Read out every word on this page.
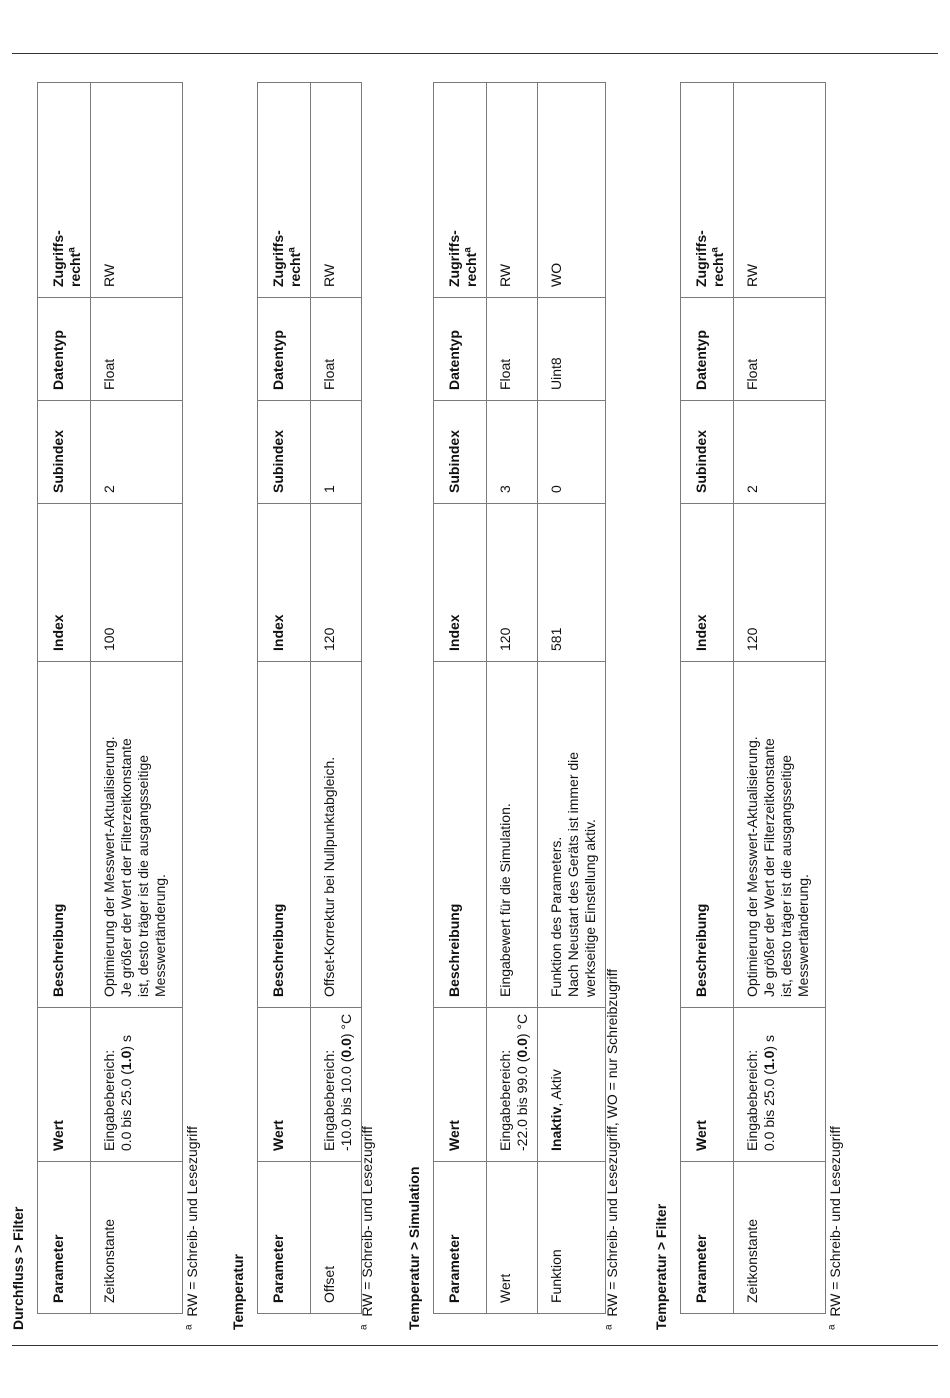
Durchfluss > Filter Parameter	Wert	Beschreibung	Index	Subindex	Datentyp	Zugriffs- recht$^a$

Zeitkonstante	Eingabebereich: 0.0 bis 25.0 (1.0) s	Optimierung der Messwert-Aktualisierung. Je größer der Wert der Filterzeitkonstante ist, desto träger ist die ausgangsseitige Messwertänderung.	100	2	Float	RW
$^a$  RW = Schreib- und Lesezugriff Temperatur Parameter	Wert	Beschreibung	Index	Subindex	Datentyp	Zugriffs- recht$^a$

Offset	Eingabebereich: -10.0 bis 10.0 (0.0) °C	Offset-Korrektur bei Nullpunktabgleich.	120	1	Float	RW
$^a$  RW = Schreib- und Lesezugriff Temperatur > Simulation Parameter	Wert	Beschreibung	Index	Subindex	Datentyp	Zugriffs- recht$^a$

Wert	Eingabebereich: -22.0 bis 99.0 (0.0) °C	Eingabewert für die Simulation.	120	3	Float	RW
Funktion	Inaktiv, Aktiv	Funktion des Parameters. Nach Neustart des Geräts ist immer die werkseitige Einstellung aktiv.	581	0	Uint8	WO
$^a$  RW = Schreib- und Lesezugriff, WO = nur Schreibzugriff Temperatur > Filter Parameter	Wert	Beschreibung	Index	Subindex	Datentyp	Zugriffs- recht$^a$

Zeitkonstante	Eingabebereich: 0.0 bis 25.0 (1.0) s	Optimierung der Messwert-Aktualisierung. Je größer der Wert der Filterzeitkonstante ist, desto träger ist die ausgangsseitige Messwertänderung.	120	2	Float	RW
$^a$  RW = Schreib- und Lesezugriff
